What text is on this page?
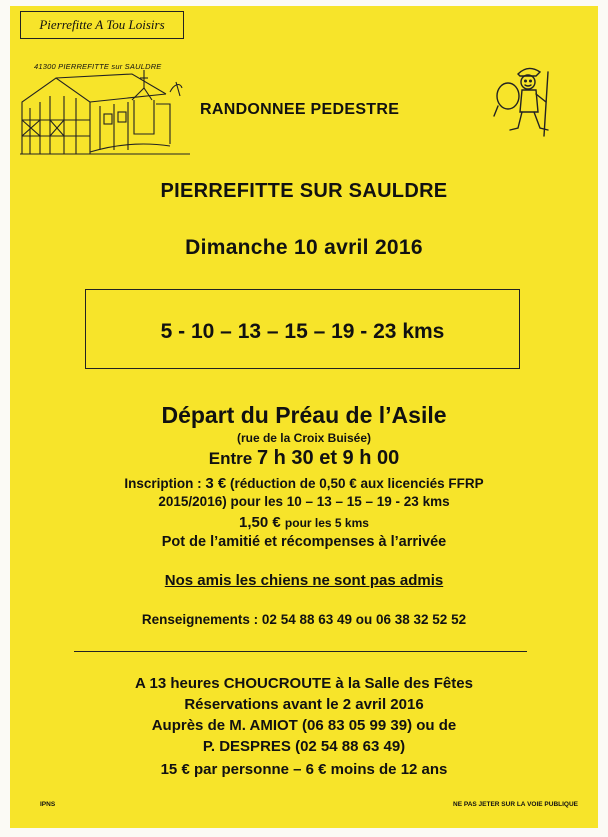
Pierrefitte A Tou Loisirs
41300 PIERREFITTE sur SAULDRE
RANDONNEE PEDESTRE
PIERREFITTE SUR SAULDRE
Dimanche 10 avril 2016
5 - 10 – 13 – 15 – 19 - 23 kms
Départ du Préau de l’Asile
(rue de la Croix Buisée)
Entre 7 h 30 et 9 h 00
Inscription : 3 € (réduction de 0,50 € aux licenciés FFRP
2015/2016) pour les 10 – 13 – 15 – 19 - 23 kms
1,50 € pour les 5 kms
Pot de l’amitié et récompenses à l’arrivée
Nos amis les chiens ne sont pas admis
Renseignements : 02 54 88 63 49 ou 06 38 32 52 52
A 13 heures CHOUCROUTE à la Salle des Fêtes
Réservations avant le 2 avril 2016
Auprès de M. AMIOT (06 83 05 99 39) ou de
P. DESPRES (02 54 88 63 49)
15 € par personne – 6 € moins de 12 ans
IPNS	NE PAS JETER SUR LA VOIE PUBLIQUE
